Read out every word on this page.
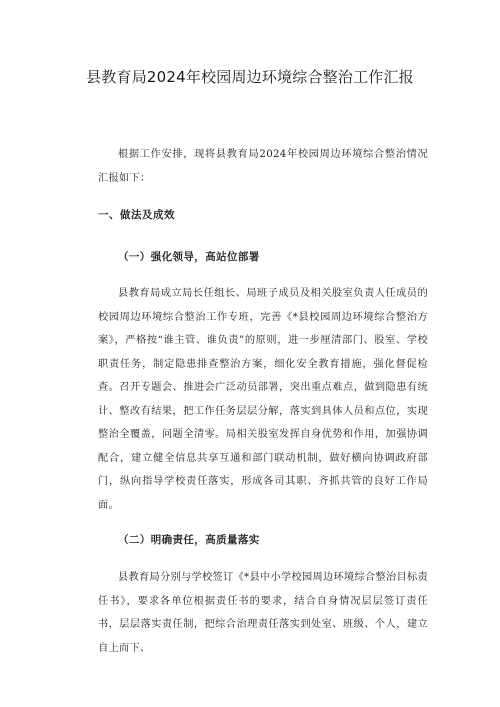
县教育局2024年校园周边环境综合整治工作汇报

根据工作安排，现将县教育局2024年校园周边环境综合整治情况汇报如下：

一、做法及成效
（一）强化领导，高站位部署

县教育局成立局长任组长、局班子成员及相关股室负责人任成员的校园周边环境综合整治工作专班，完善《*县校园周边环境综合整治方案》，严格按“谁主管、谁负责”的原则，进一步厘清部门、股室、学校职责任务，制定隐患排查整治方案，细化安全教育措施，强化督促检查。召开专题会、推进会广泛动员部署，突出重点难点，做到隐患有统计、整改有结果，把工作任务层层分解，落实到具体人员和点位，实现整治全覆盖，问题全清零。局相关股室发挥自身优势和作用，加强协调配合，建立健全信息共享互通和部门联动机制，做好横向协调政府部门，纵向指导学校责任落实，形成各司其职、齐抓共管的良好工作局面。

（二）明确责任，高质量落实

县教育局分别与学校签订《*县中小学校园周边环境综合整治目标责任书》，要求各单位根据责任书的要求，结合自身情况层层签订责任书，层层落实责任制，把综合治理责任落实到处室、班级、个人，建立自上而下、
